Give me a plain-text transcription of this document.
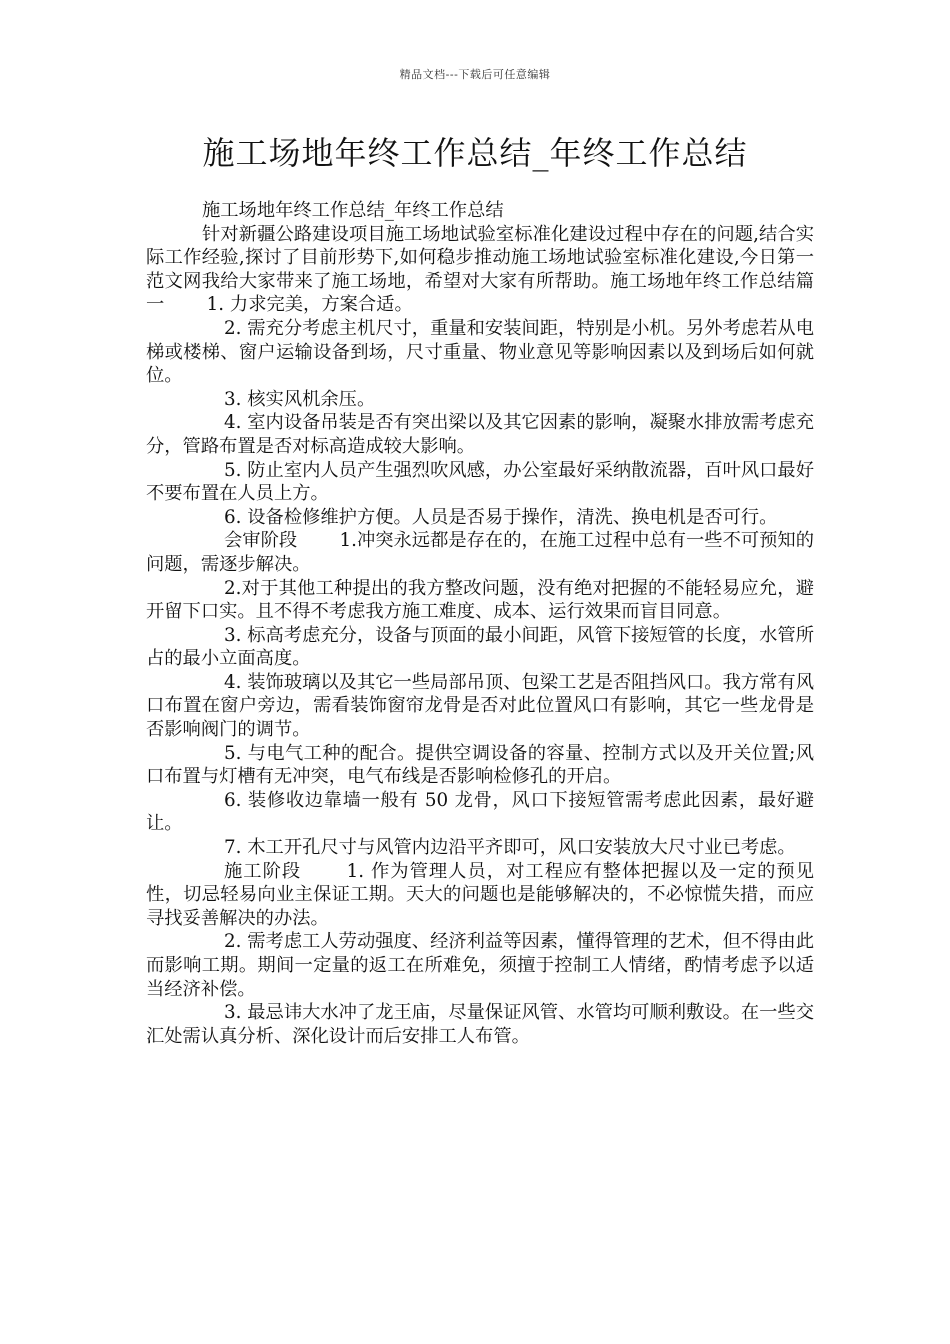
精品文档---下载后可任意编辑
施工场地年终工作总结_年终工作总结

施工场地年终工作总结_年终工作总结

针对新疆公路建设项目施工场地试验室标准化建设过程中存在的问题,结合实际工作经验,探讨了目前形势下,如何稳步推动施工场地试验室标准化建设,今日第一范文网我给大家带来了施工场地，希望对大家有所帮助。施工场地年终工作总结篇一　　 1. 力求完美，方案合适。

2. 需充分考虑主机尺寸，重量和安装间距，特别是小机。另外考虑若从电梯或楼梯、窗户运输设备到场，尺寸重量、物业意见等影响因素以及到场后如何就位。

3. 核实风机余压。

4. 室内设备吊装是否有突出梁以及其它因素的影响，凝聚水排放需考虑充分，管路布置是否对标高造成较大影响。

5. 防止室内人员产生强烈吹风感，办公室最好采纳散流器，百叶风口最好不要布置在人员上方。

6. 设备检修维护方便。人员是否易于操作，清洗、换电机是否可行。

会审阶段　　 1.冲突永远都是存在的，在施工过程中总有一些不可预知的问题，需逐步解决。

2.对于其他工种提出的我方整改问题，没有绝对把握的不能轻易应允，避开留下口实。且不得不考虑我方施工难度、成本、运行效果而盲目同意。

3. 标高考虑充分，设备与顶面的最小间距，风管下接短管的长度，水管所占的最小立面高度。

4. 装饰玻璃以及其它一些局部吊顶、包梁工艺是否阻挡风口。我方常有风口布置在窗户旁边，需看装饰窗帘龙骨是否对此位置风口有影响，其它一些龙骨是否影响阀门的调节。

5. 与电气工种的配合。提供空调设备的容量、控制方式以及开关位置;风口布置与灯槽有无冲突，电气布线是否影响检修孔的开启。

6. 装修收边靠墙一般有 50 龙骨，风口下接短管需考虑此因素，最好避让。

7. 木工开孔尺寸与风管内边沿平齐即可，风口安装放大尺寸业已考虑。

施工阶段　　 1. 作为管理人员，对工程应有整体把握以及一定的预见性，切忌轻易向业主保证工期。天大的问题也是能够解决的，不必惊慌失措，而应寻找妥善解决的办法。

2. 需考虑工人劳动强度、经济利益等因素，懂得管理的艺术，但不得由此而影响工期。期间一定量的返工在所难免，须擅于控制工人情绪，酌情考虑予以适当经济补偿。

3. 最忌讳大水冲了龙王庙，尽量保证风管、水管均可顺利敷设。在一些交汇处需认真分析、深化设计而后安排工人布管。
